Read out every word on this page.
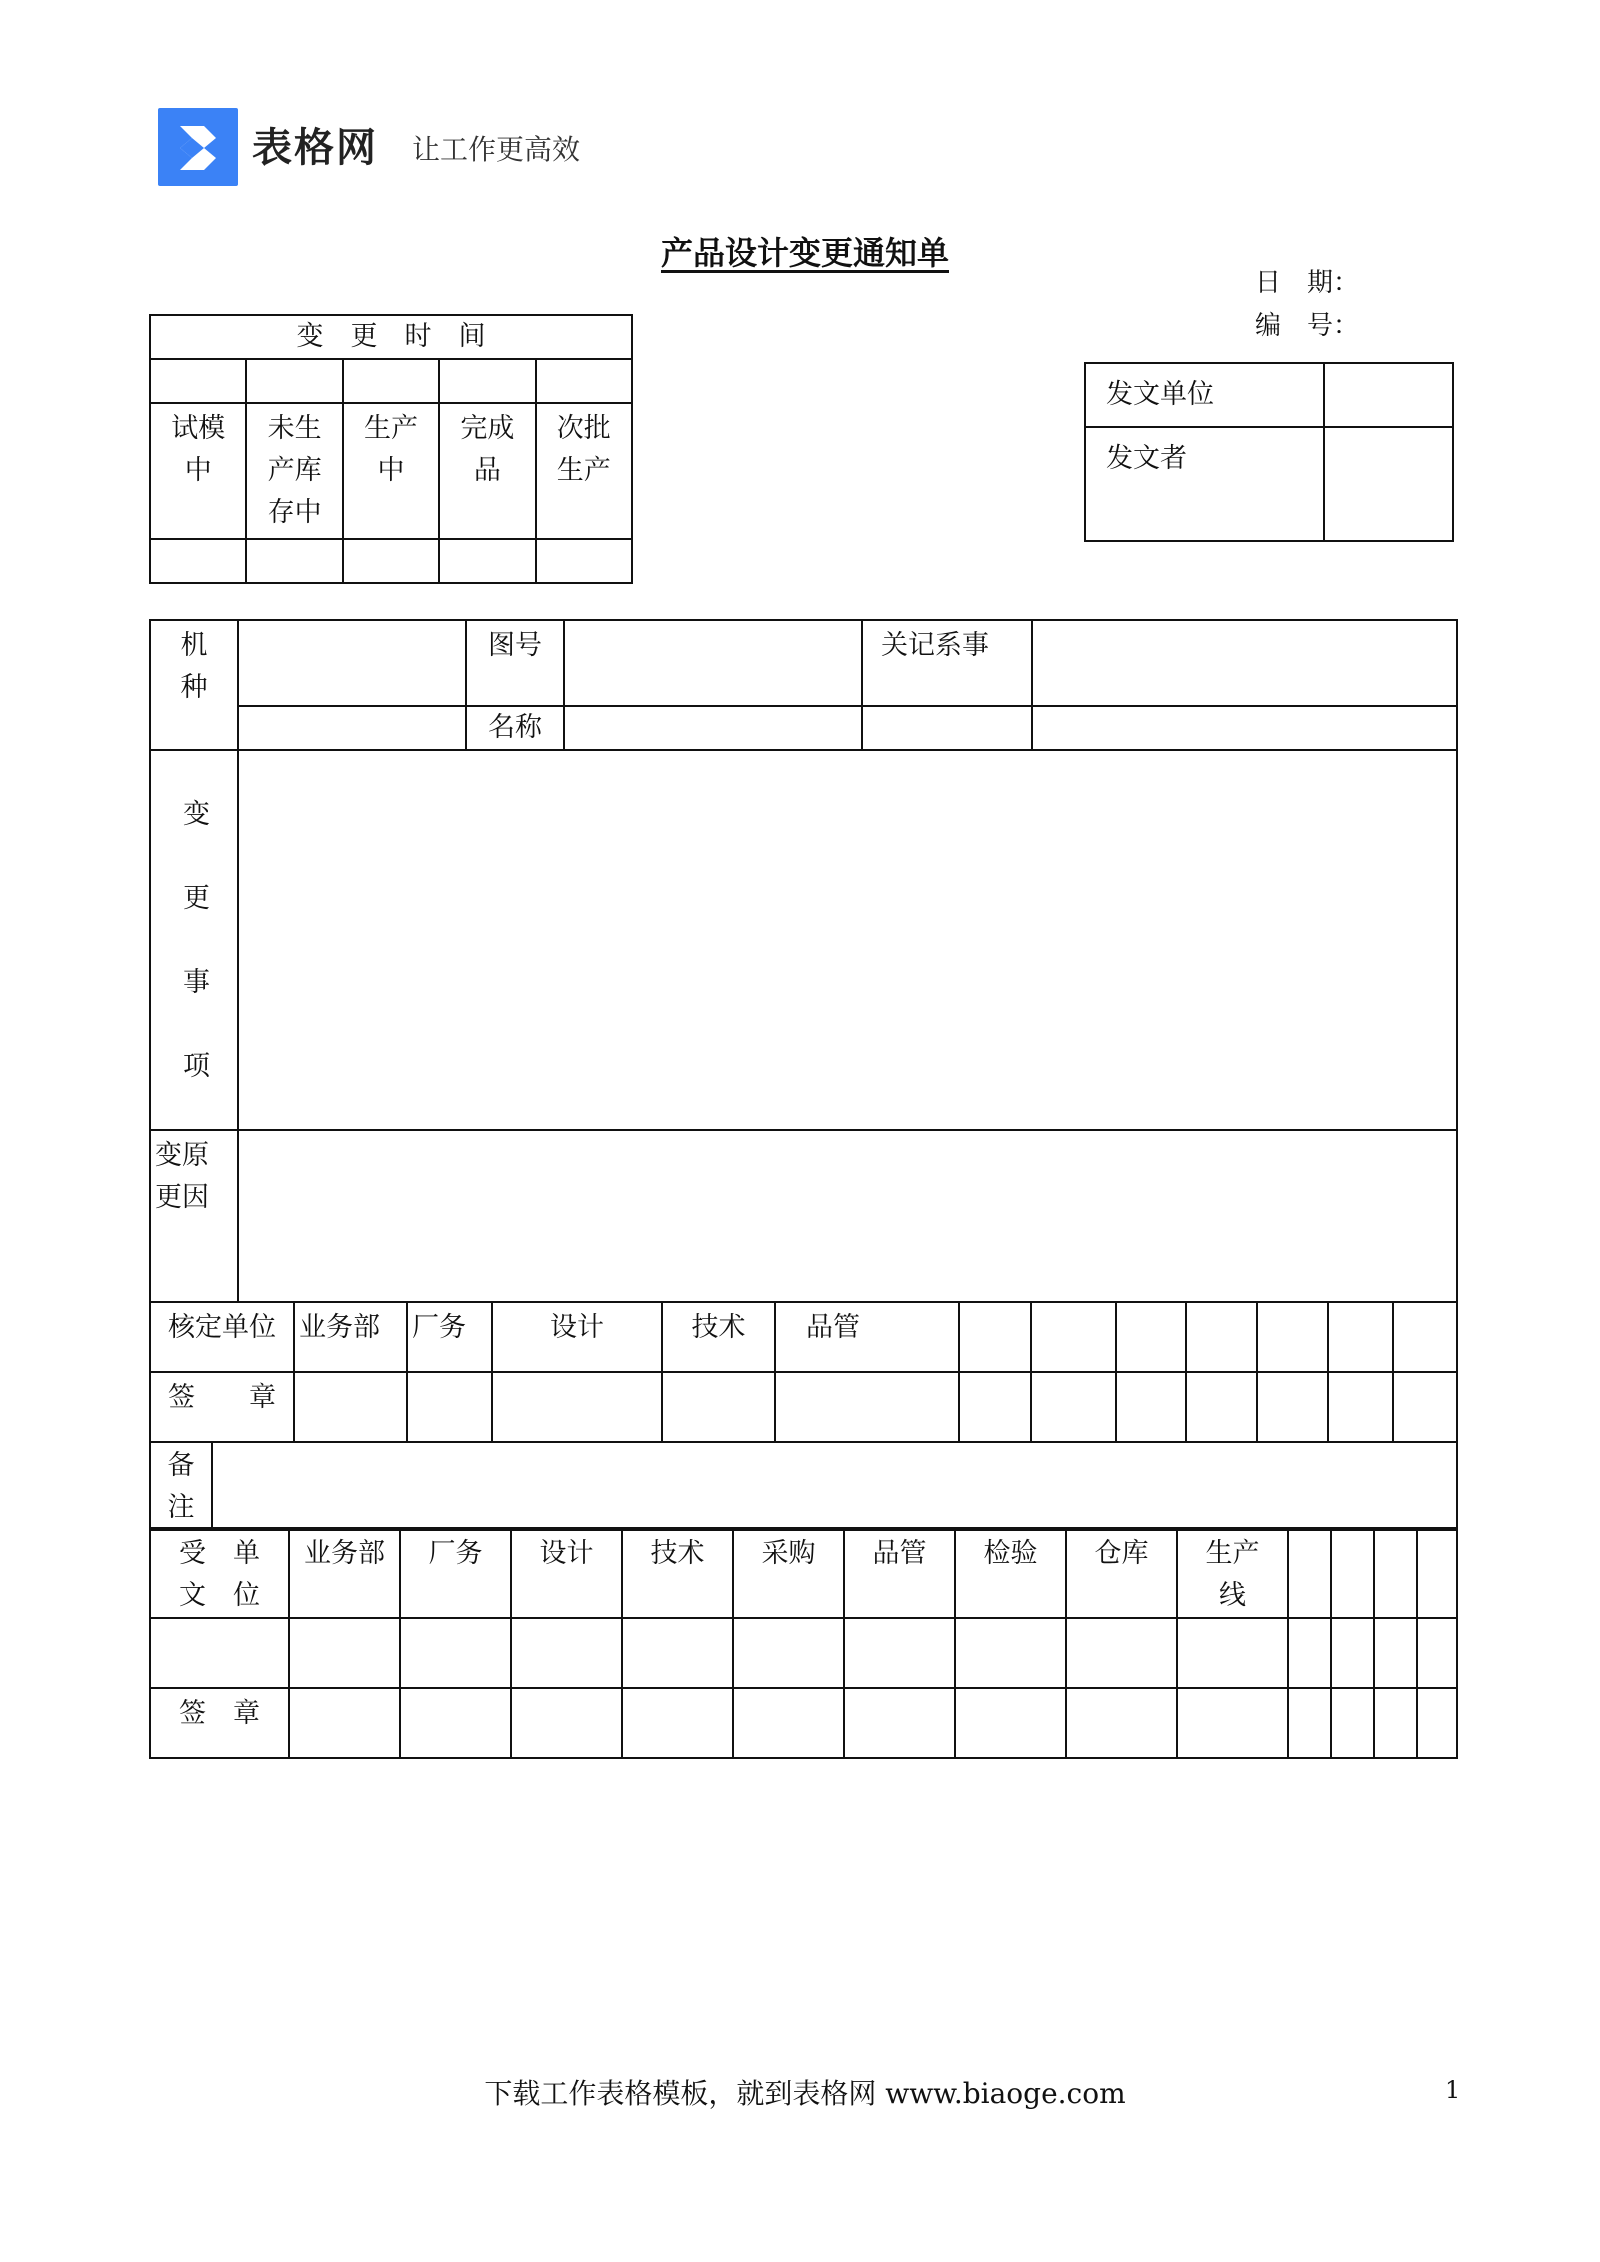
表格网 让工作更高效
产品设计变更通知单
日　期：
编　号：
变　更　时　间				

试模中	未生产库存中	生产中	完成品	次批生产

发文单位	
发文者	
机种		图号		关记系事	
		名称			
变更事项					
变原更因					
核定单位	业务部	厂务	设计	技术	品管							
签　　章												
备注	
受　单文　位	业务部	厂务	设计	技术	采购	品管	检验	仓库	生产线				

签　章													
下载工作表格模板，就到表格网 www.biaoge.com	1
